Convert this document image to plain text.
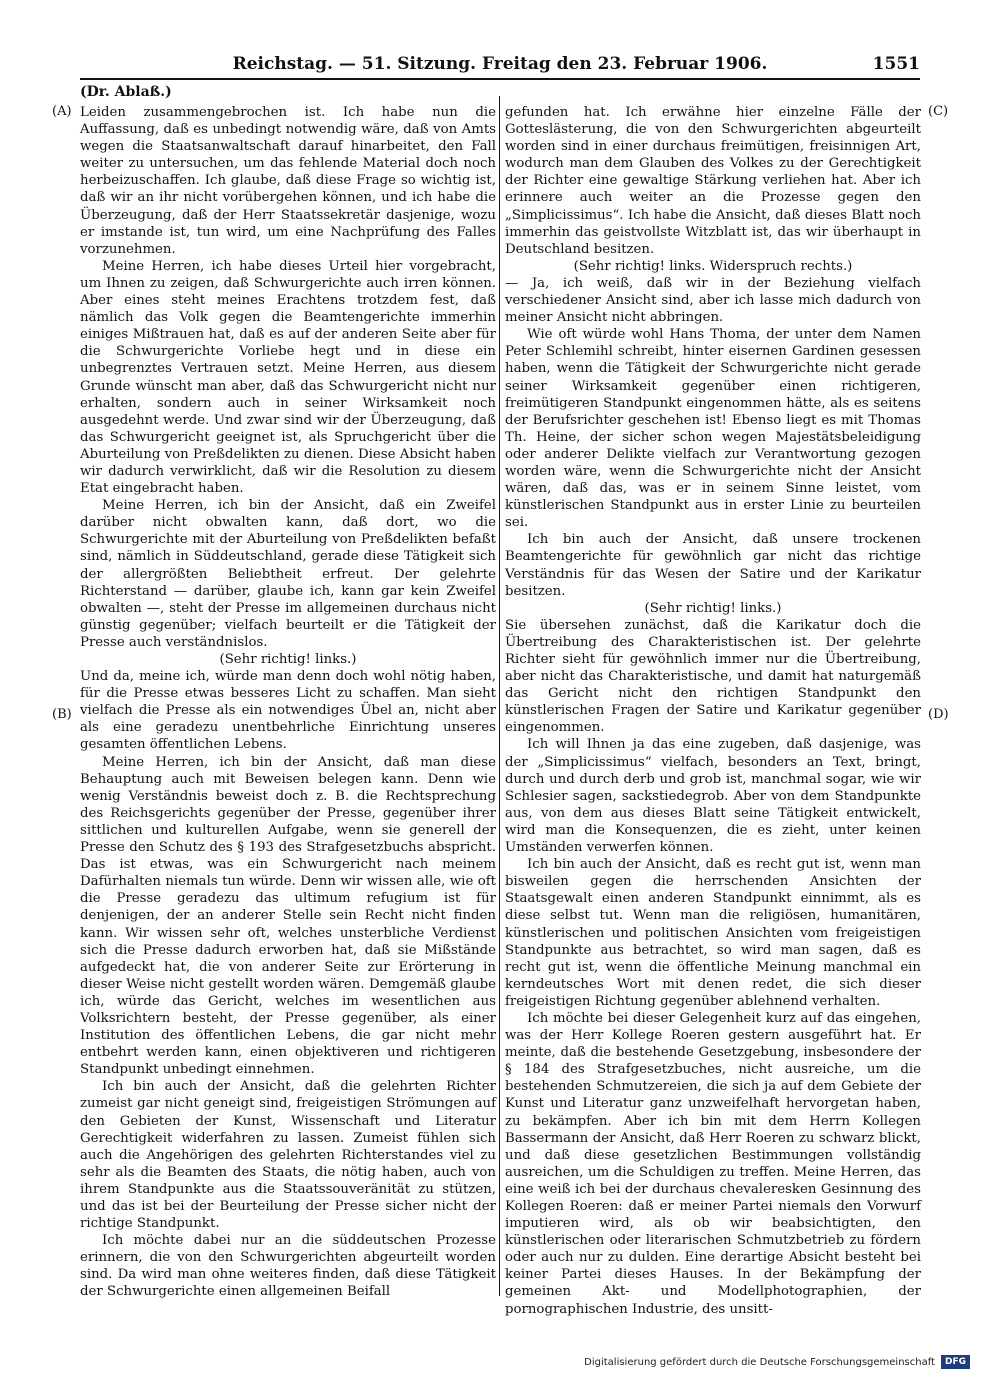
Reichstag. — 51. Sitzung. Freitag den 23. Februar 1906.	1551
(Dr. Ablaß.)
(A)
(B)
(C)
(D)

Leiden zusammengebrochen ist. Ich habe nun die Auffassung, daß es unbedingt notwendig wäre, daß von Amts wegen die Staatsanwaltschaft darauf hinarbeitet, den Fall weiter zu untersuchen, um das fehlende Material doch noch herbeizuschaffen. Ich glaube, daß diese Frage so wichtig ist, daß wir an ihr nicht vorübergehen können, und ich habe die Überzeugung, daß der Herr Staatssekretär dasjenige, wozu er imstande ist, tun wird, um eine Nachprüfung des Falles vorzunehmen.

Meine Herren, ich habe dieses Urteil hier vorgebracht, um Ihnen zu zeigen, daß Schwurgerichte auch irren können. Aber eines steht meines Erachtens trotzdem fest, daß nämlich das Volk gegen die Beamtengerichte immerhin einiges Mißtrauen hat, daß es auf der anderen Seite aber für die Schwurgerichte Vorliebe hegt und in diese ein unbegrenztes Vertrauen setzt. Meine Herren, aus diesem Grunde wünscht man aber, daß das Schwurgericht nicht nur erhalten, sondern auch in seiner Wirksamkeit noch ausgedehnt werde. Und zwar sind wir der Überzeugung, daß das Schwurgericht geeignet ist, als Spruchgericht über die Aburteilung von Preßdelikten zu dienen. Diese Absicht haben wir dadurch verwirklicht, daß wir die Resolution zu diesem Etat eingebracht haben.

Meine Herren, ich bin der Ansicht, daß ein Zweifel darüber nicht obwalten kann, daß dort, wo die Schwurgerichte mit der Aburteilung von Preßdelikten befaßt sind, nämlich in Süddeutschland, gerade diese Tätigkeit sich der allergrößten Beliebtheit erfreut. Der gelehrte Richterstand — darüber, glaube ich, kann gar kein Zweifel obwalten —, steht der Presse im allgemeinen durchaus nicht günstig gegenüber; vielfach beurteilt er die Tätigkeit der Presse auch verständnislos.

(Sehr richtig! links.)

Und da, meine ich, würde man denn doch wohl nötig haben, für die Presse etwas besseres Licht zu schaffen. Man sieht vielfach die Presse als ein notwendiges Übel an, nicht aber als eine geradezu unentbehrliche Einrichtung unseres gesamten öffentlichen Lebens.

Meine Herren, ich bin der Ansicht, daß man diese Behauptung auch mit Beweisen belegen kann. Denn wie wenig Verständnis beweist doch z. B. die Rechtsprechung des Reichsgerichts gegenüber der Presse, gegenüber ihrer sittlichen und kulturellen Aufgabe, wenn sie generell der Presse den Schutz des § 193 des Strafgesetzbuchs abspricht. Das ist etwas, was ein Schwurgericht nach meinem Dafürhalten niemals tun würde. Denn wir wissen alle, wie oft die Presse geradezu das ultimum refugium ist für denjenigen, der an anderer Stelle sein Recht nicht finden kann. Wir wissen sehr oft, welches unsterbliche Verdienst sich die Presse dadurch erworben hat, daß sie Mißstände aufgedeckt hat, die von anderer Seite zur Erörterung in dieser Weise nicht gestellt worden wären. Demgemäß glaube ich, würde das Gericht, welches im wesentlichen aus Volksrichtern besteht, der Presse gegenüber, als einer Institution des öffentlichen Lebens, die gar nicht mehr entbehrt werden kann, einen objektiveren und richtigeren Standpunkt unbedingt einnehmen.

Ich bin auch der Ansicht, daß die gelehrten Richter zumeist gar nicht geneigt sind, freigeistigen Strömungen auf den Gebieten der Kunst, Wissenschaft und Literatur Gerechtigkeit widerfahren zu lassen. Zumeist fühlen sich auch die Angehörigen des gelehrten Richterstandes viel zu sehr als die Beamten des Staats, die nötig haben, auch von ihrem Standpunkte aus die Staatssouveränität zu stützen, und das ist bei der Beurteilung der Presse sicher nicht der richtige Standpunkt.

Ich möchte dabei nur an die süddeutschen Prozesse erinnern, die von den Schwurgerichten abgeurteilt worden sind. Da wird man ohne weiteres finden, daß diese Tätigkeit der Schwurgerichte einen allgemeinen Beifall

gefunden hat. Ich erwähne hier einzelne Fälle der Gotteslästerung, die von den Schwurgerichten abgeurteilt worden sind in einer durchaus freimütigen, freisinnigen Art, wodurch man dem Glauben des Volkes zu der Gerechtigkeit der Richter eine gewaltige Stärkung verliehen hat. Aber ich erinnere auch weiter an die Prozesse gegen den „Simplicissimus“. Ich habe die Ansicht, daß dieses Blatt noch immerhin das geistvollste Witzblatt ist, das wir überhaupt in Deutschland besitzen.

(Sehr richtig! links. Widerspruch rechts.)

— Ja, ich weiß, daß wir in der Beziehung vielfach verschiedener Ansicht sind, aber ich lasse mich dadurch von meiner Ansicht nicht abbringen.

Wie oft würde wohl Hans Thoma, der unter dem Namen Peter Schlemihl schreibt, hinter eisernen Gardinen gesessen haben, wenn die Tätigkeit der Schwurgerichte nicht gerade seiner Wirksamkeit gegenüber einen richtigeren, freimütigeren Standpunkt eingenommen hätte, als es seitens der Berufsrichter geschehen ist! Ebenso liegt es mit Thomas Th. Heine, der sicher schon wegen Majestätsbeleidigung oder anderer Delikte vielfach zur Verantwortung gezogen worden wäre, wenn die Schwurgerichte nicht der Ansicht wären, daß das, was er in seinem Sinne leistet, vom künstlerischen Standpunkt aus in erster Linie zu beurteilen sei.

Ich bin auch der Ansicht, daß unsere trockenen Beamtengerichte für gewöhnlich gar nicht das richtige Verständnis für das Wesen der Satire und der Karikatur besitzen.

(Sehr richtig! links.)

Sie übersehen zunächst, daß die Karikatur doch die Übertreibung des Charakteristischen ist. Der gelehrte Richter sieht für gewöhnlich immer nur die Übertreibung, aber nicht das Charakteristische, und damit hat naturgemäß das Gericht nicht den richtigen Standpunkt den künstlerischen Fragen der Satire und Karikatur gegenüber eingenommen.

Ich will Ihnen ja das eine zugeben, daß dasjenige, was der „Simplicissimus“ vielfach, besonders an Text, bringt, durch und durch derb und grob ist, manchmal sogar, wie wir Schlesier sagen, sackstiedegrob. Aber von dem Standpunkte aus, von dem aus dieses Blatt seine Tätigkeit entwickelt, wird man die Konsequenzen, die es zieht, unter keinen Umständen verwerfen können.

Ich bin auch der Ansicht, daß es recht gut ist, wenn man bisweilen gegen die herrschenden Ansichten der Staatsgewalt einen anderen Standpunkt einnimmt, als es diese selbst tut. Wenn man die religiösen, humanitären, künstlerischen und politischen Ansichten vom freigeistigen Standpunkte aus betrachtet, so wird man sagen, daß es recht gut ist, wenn die öffentliche Meinung manchmal ein kerndeutsches Wort mit denen redet, die sich dieser freigeistigen Richtung gegenüber ablehnend verhalten.

Ich möchte bei dieser Gelegenheit kurz auf das eingehen, was der Herr Kollege Roeren gestern ausgeführt hat. Er meinte, daß die bestehende Gesetzgebung, insbesondere der § 184 des Strafgesetzbuches, nicht ausreiche, um die bestehenden Schmutzereien, die sich ja auf dem Gebiete der Kunst und Literatur ganz unzweifelhaft hervorgetan haben, zu bekämpfen. Aber ich bin mit dem Herrn Kollegen Bassermann der Ansicht, daß Herr Roeren zu schwarz blickt, und daß diese gesetzlichen Bestimmungen vollständig ausreichen, um die Schuldigen zu treffen. Meine Herren, das eine weiß ich bei der durchaus chevaleresken Gesinnung des Kollegen Roeren: daß er meiner Partei niemals den Vorwurf imputieren wird, als ob wir beabsichtigten, den künstlerischen oder literarischen Schmutzbetrieb zu fördern oder auch nur zu dulden. Eine derartige Absicht besteht bei keiner Partei dieses Hauses. In der Bekämpfung der gemeinen Akt- und Modellphotographien, der pornographischen Industrie, des unsitt-

Digitalisierung gefördert durch die Deutsche Forschungsgemeinschaft	DFG
